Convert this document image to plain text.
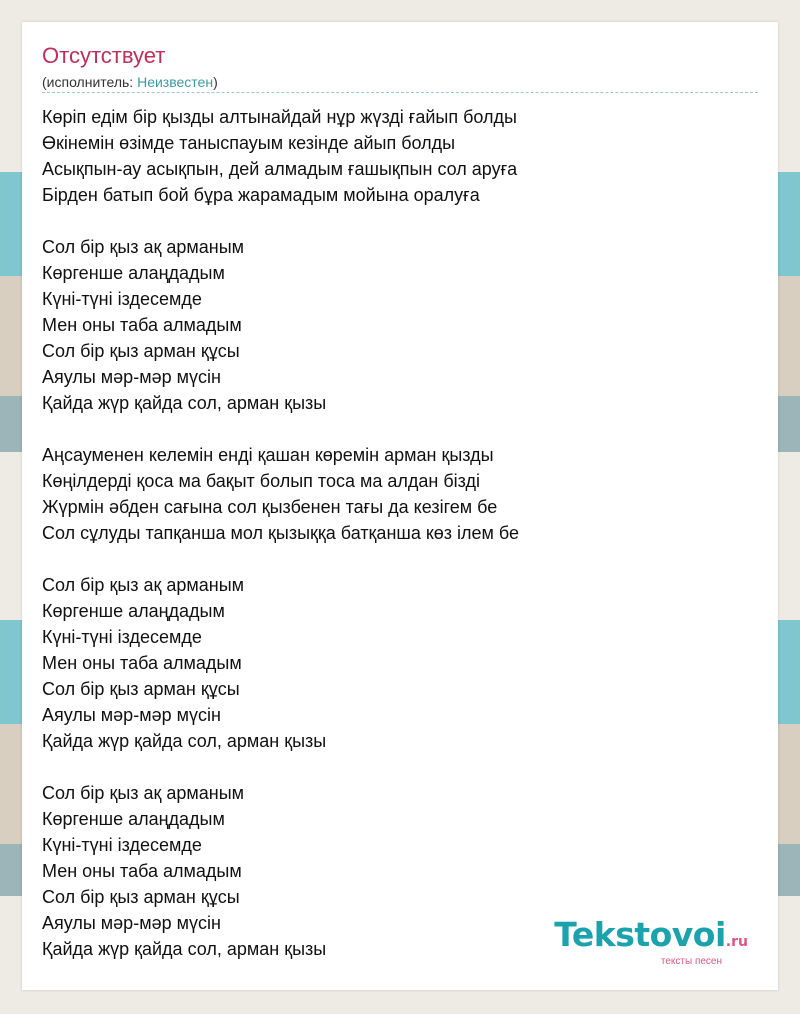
Отсутствует
(исполнитель: Неизвестен)
Көріп едім бір қызды алтынайдай нұр жүзді ғайып болды
Өкінемін өзімде таныспауым кезінде айып болды
Асықпын-ау асықпын, дей алмадым ғашықпын сол аруға
Бірден батып бой бұра жарамадым мойына оралуға
Сол бір қыз ақ арманым
Көргенше алаңдадым
Күні-түні іздесемде
Мен оны таба алмадым
Сол бір қыз арман құсы
Аяулы мәр-мәр мүсін
Қайда жүр қайда сол, арман қызы
Аңсауменен келемін енді қашан көремін арман қызды
Көңілдерді қоса ма бақыт болып тоса ма алдан бізді
Жүрмін әбден сағына сол қызбенен тағы да кезігем бе
Сол сұлуды тапқанша мол қызыққа батқанша көз ілем бе
Сол бір қыз ақ арманым
Көргенше алаңдадым
Күні-түні іздесемде
Мен оны таба алмадым
Сол бір қыз арман құсы
Аяулы мәр-мәр мүсін
Қайда жүр қайда сол, арман қызы
Сол бір қыз ақ арманым
Көргенше алаңдадым
Күні-түні іздесемде
Мен оны таба алмадым
Сол бір қыз арман құсы
Аяулы мәр-мәр мүсін
Қайда жүр қайда сол, арман қызы	Tekstovoi.ru
тексты песен
